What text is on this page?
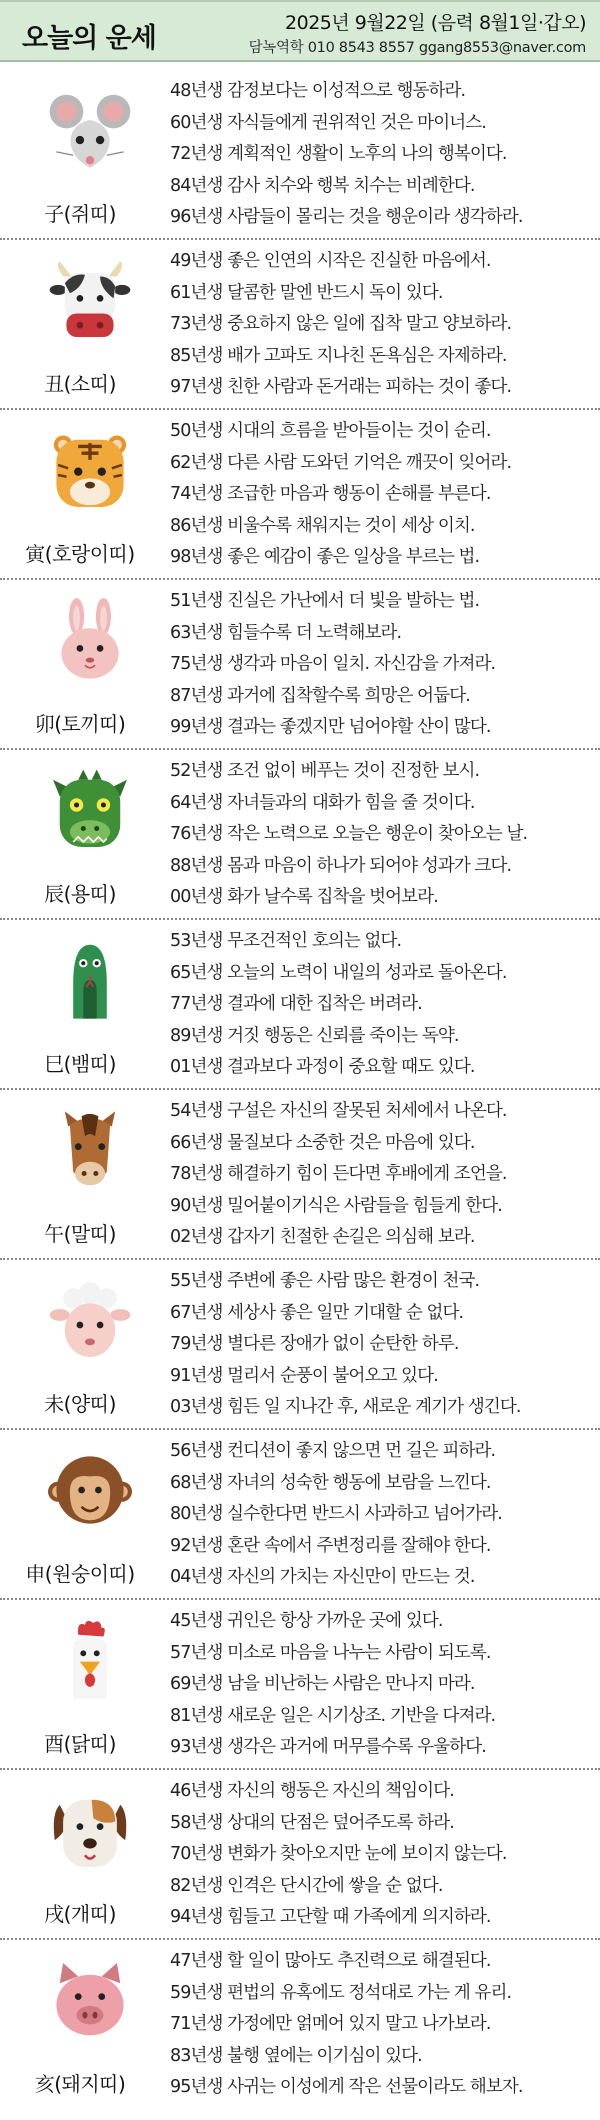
오늘의 운세	2025년 9월22일 (음력 8월1일·갑오)
담녹역학 010 8543 8557 ggang8553@naver.com
子(쥐띠)
48년생 감정보다는 이성적으로 행동하라.
60년생 자식들에게 권위적인 것은 마이너스.
72년생 계획적인 생활이 노후의 나의 행복이다.
84년생 감사 치수와 행복 치수는 비례한다.
96년생 사람들이 몰리는 것을 행운이라 생각하라.
丑(소띠)
49년생 좋은 인연의 시작은 진실한 마음에서.
61년생 달콤한 말엔 반드시 독이 있다.
73년생 중요하지 않은 일에 집착 말고 양보하라.
85년생 배가 고파도 지나친 돈욕심은 자제하라.
97년생 친한 사람과 돈거래는 피하는 것이 좋다.
寅(호랑이띠)
50년생 시대의 흐름을 받아들이는 것이 순리.
62년생 다른 사람 도와던 기억은 깨끗이 잊어라.
74년생 조급한 마음과 행동이 손해를 부른다.
86년생 비울수록 채워지는 것이 세상 이치.
98년생 좋은 예감이 좋은 일상을 부르는 법.
卯(토끼띠)
51년생 진실은 가난에서 더 빛을 발하는 법.
63년생 힘들수록 더 노력해보라.
75년생 생각과 마음이 일치. 자신감을 가져라.
87년생 과거에 집착할수록 희망은 어둡다.
99년생 결과는 좋겠지만 넘어야할 산이 많다.
辰(용띠)
52년생 조건 없이 베푸는 것이 진정한 보시.
64년생 자녀들과의 대화가 힘을 줄 것이다.
76년생 작은 노력으로 오늘은 행운이 찾아오는 날.
88년생 몸과 마음이 하나가 되어야 성과가 크다.
00년생 화가 날수록 집착을 벗어보라.
巳(뱀띠)
53년생 무조건적인 호의는 없다.
65년생 오늘의 노력이 내일의 성과로 돌아온다.
77년생 결과에 대한 집착은 버려라.
89년생 거짓 행동은 신뢰를 죽이는 독약.
01년생 결과보다 과정이 중요할 때도 있다.
午(말띠)
54년생 구설은 자신의 잘못된 처세에서 나온다.
66년생 물질보다 소중한 것은 마음에 있다.
78년생 해결하기 힘이 든다면 후배에게 조언을.
90년생 밀어붙이기식은 사람들을 힘들게 한다.
02년생 갑자기 친절한 손길은 의심해 보라.
未(양띠)
55년생 주변에 좋은 사람 많은 환경이 천국.
67년생 세상사 좋은 일만 기대할 순 없다.
79년생 별다른 장애가 없이 순탄한 하루.
91년생 멀리서 순풍이 불어오고 있다.
03년생 힘든 일 지나간 후, 새로운 계기가 생긴다.
申(원숭이띠)
56년생 컨디션이 좋지 않으면 먼 길은 피하라.
68년생 자녀의 성숙한 행동에 보람을 느낀다.
80년생 실수한다면 반드시 사과하고 넘어가라.
92년생 혼란 속에서 주변정리를 잘해야 한다.
04년생 자신의 가치는 자신만이 만드는 것.
酉(닭띠)
45년생 귀인은 항상 가까운 곳에 있다.
57년생 미소로 마음을 나누는 사람이 되도록.
69년생 남을 비난하는 사람은 만나지 마라.
81년생 새로운 일은 시기상조. 기반을 다져라.
93년생 생각은 과거에 머무를수록 우울하다.
戌(개띠)
46년생 자신의 행동은 자신의 책임이다.
58년생 상대의 단점은 덮어주도록 하라.
70년생 변화가 찾아오지만 눈에 보이지 않는다.
82년생 인격은 단시간에 쌓을 순 없다.
94년생 힘들고 고단할 때 가족에게 의지하라.
亥(돼지띠)
47년생 할 일이 많아도 추진력으로 해결된다.
59년생 편법의 유혹에도 정석대로 가는 게 유리.
71년생 가정에만 얽메어 있지 말고 나가보라.
83년생 불행 옆에는 이기심이 있다.
95년생 사귀는 이성에게 작은 선물이라도 해보자.
